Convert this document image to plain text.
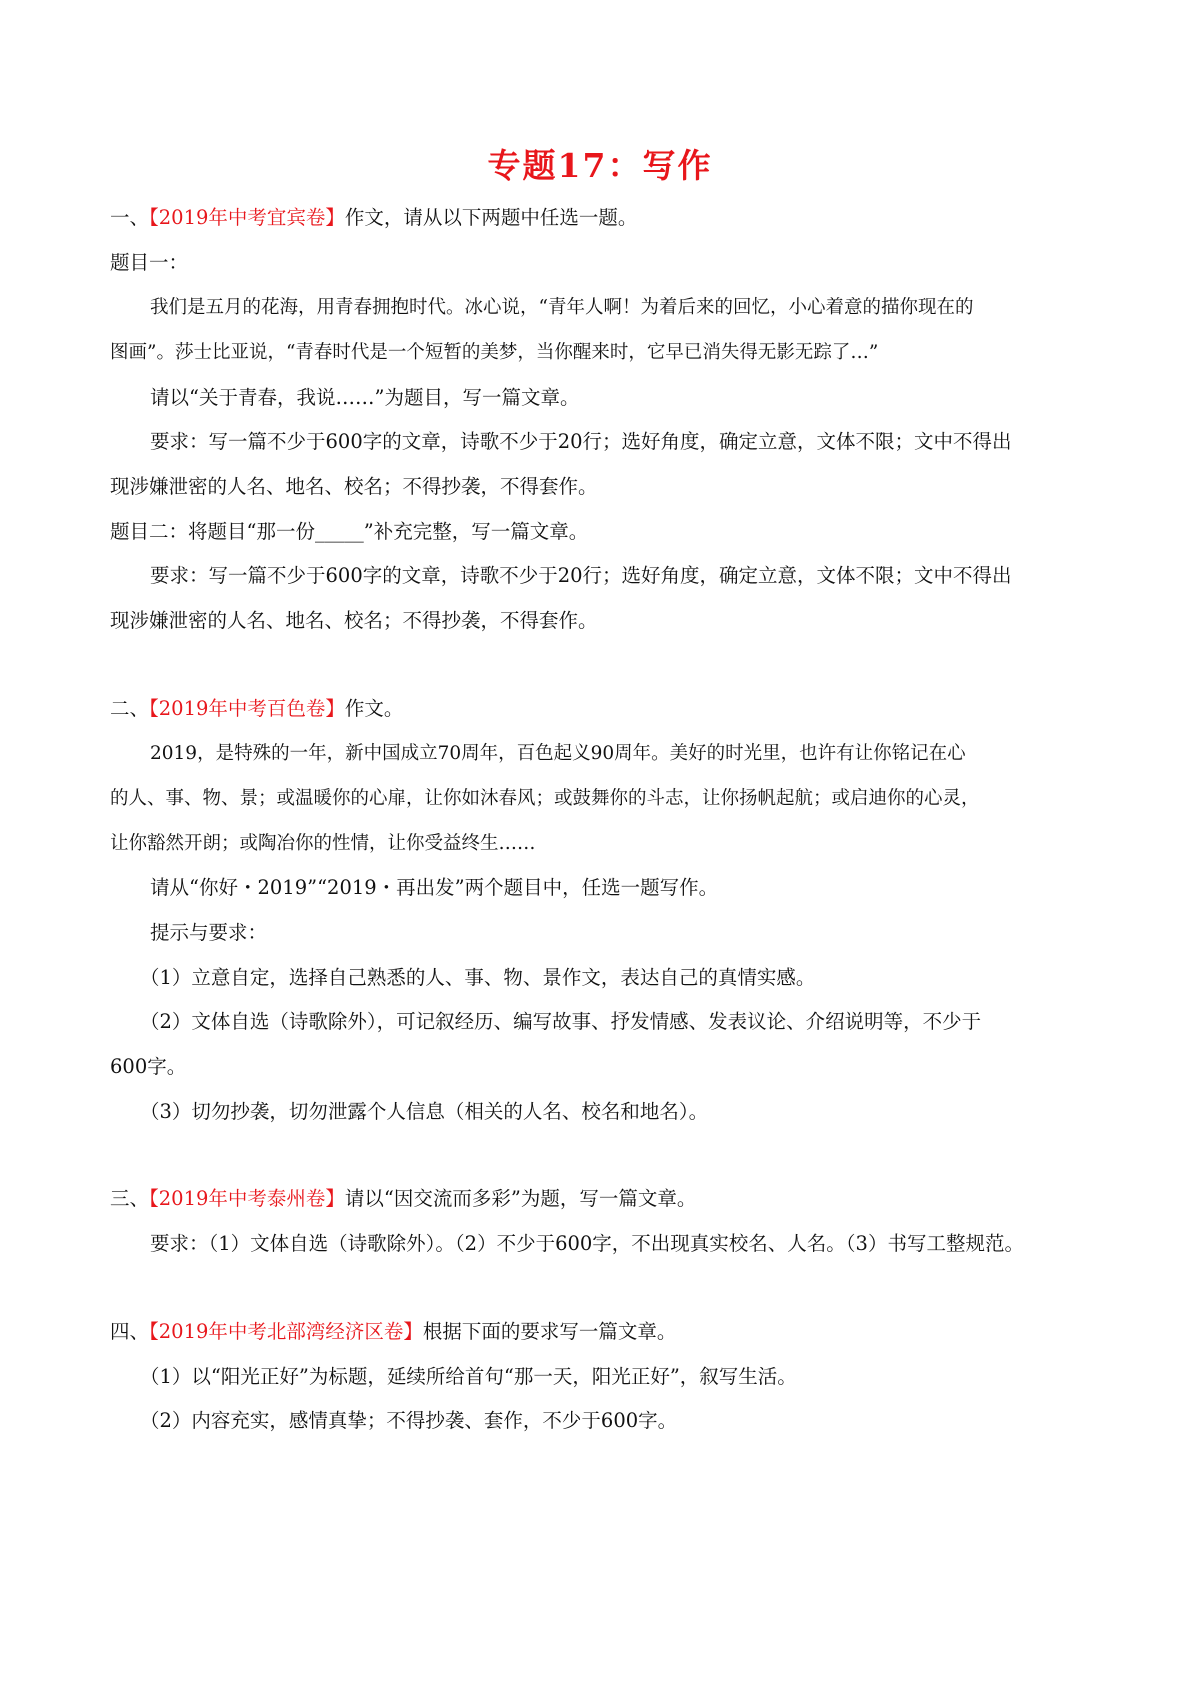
专题17：写作
一、【2019年中考宜宾卷】作文，请从以下两题中任选一题。
题目一：
我们是五月的花海，用青春拥抱时代。冰心说，“青年人啊！为着后来的回忆，小心着意的描你现在的
图画”。莎士比亚说，“青春时代是一个短暂的美梦，当你醒来时，它早已消失得无影无踪了…”
请以“关于青春，我说……”为题目，写一篇文章。
要求：写一篇不少于600字的文章，诗歌不少于20行；选好角度，确定立意，文体不限；文中不得出
现涉嫌泄密的人名、地名、校名；不得抄袭，不得套作。
题目二：将题目“那一份_____”补充完整，写一篇文章。
要求：写一篇不少于600字的文章，诗歌不少于20行；选好角度，确定立意，文体不限；文中不得出
现涉嫌泄密的人名、地名、校名；不得抄袭，不得套作。
二、【2019年中考百色卷】作文。
2019，是特殊的一年，新中国成立70周年，百色起义90周年。美好的时光里，也许有让你铭记在心
的人、事、物、景；或温暖你的心扉，让你如沐春风；或鼓舞你的斗志，让你扬帆起航；或启迪你的心灵，
让你豁然开朗；或陶冶你的性情，让你受益终生……
请从“你好・2019”“2019・再出发”两个题目中，任选一题写作。
提示与要求：
（1）立意自定，选择自己熟悉的人、事、物、景作文，表达自己的真情实感。
（2）文体自选（诗歌除外），可记叙经历、编写故事、抒发情感、发表议论、介绍说明等，不少于
600字。
（3）切勿抄袭，切勿泄露个人信息（相关的人名、校名和地名）。
三、【2019年中考泰州卷】请以“因交流而多彩”为题，写一篇文章。
要求：（1）文体自选（诗歌除外）。（2）不少于600字，不出现真实校名、人名。（3）书写工整规范。
四、【2019年中考北部湾经济区卷】根据下面的要求写一篇文章。
（1）以“阳光正好”为标题，延续所给首句“那一天，阳光正好”，叙写生活。
（2）内容充实，感情真挚；不得抄袭、套作，不少于600字。
